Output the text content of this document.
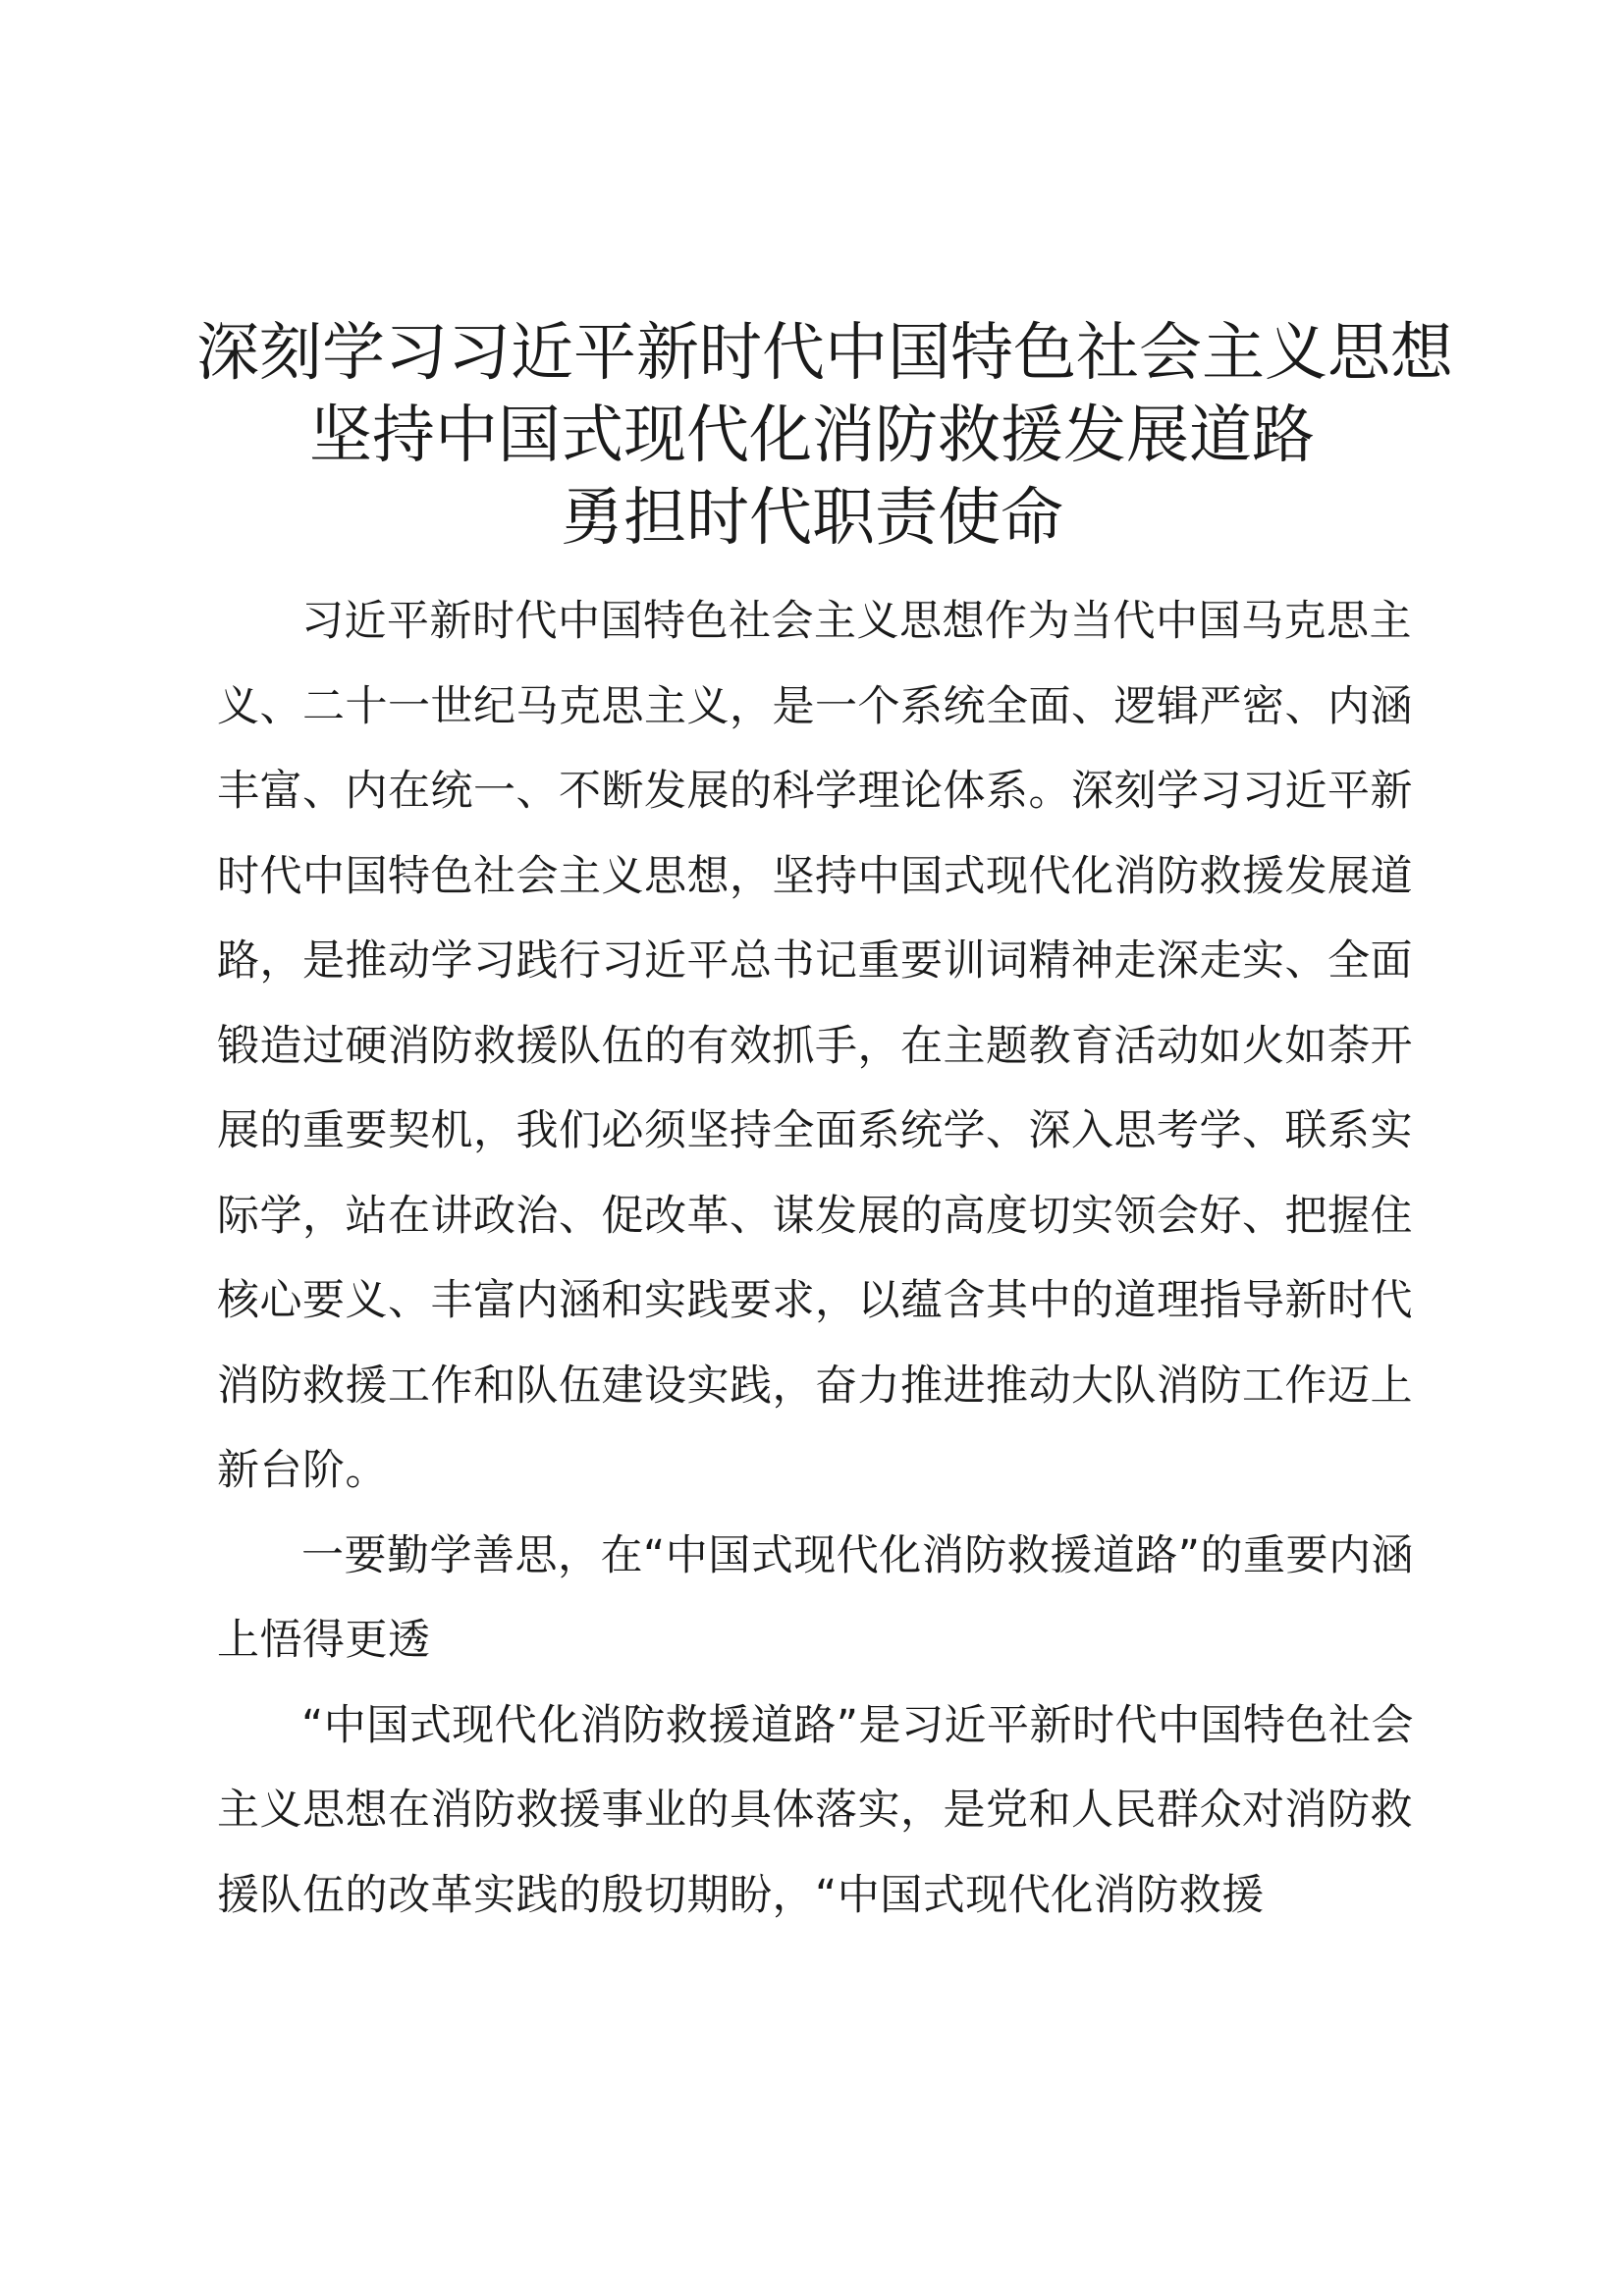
深刻学习习近平新时代中国特色社会主义思想
坚持中国式现代化消防救援发展道路
勇担时代职责使命

习近平新时代中国特色社会主义思想作为当代中国马克思主义、二十一世纪马克思主义，是一个系统全面、逻辑严密、内涵丰富、内在统一、不断发展的科学理论体系。深刻学习习近平新时代中国特色社会主义思想，坚持中国式现代化消防救援发展道路，是推动学习践行习近平总书记重要训词精神走深走实、全面锻造过硬消防救援队伍的有效抓手，在主题教育活动如火如荼开展的重要契机，我们必须坚持全面系统学、深入思考学、联系实际学，站在讲政治、促改革、谋发展的高度切实领会好、把握住核心要义、丰富内涵和实践要求，以蕴含其中的道理指导新时代消防救援工作和队伍建设实践，奋力推进推动大队消防工作迈上新台阶。

一要勤学善思，在“中国式现代化消防救援道路”的重要内涵上悟得更透

“中国式现代化消防救援道路”是习近平新时代中国特色社会主义思想在消防救援事业的具体落实，是党和人民群众对消防救援队伍的改革实践的殷切期盼，“中国式现代化消防救援
